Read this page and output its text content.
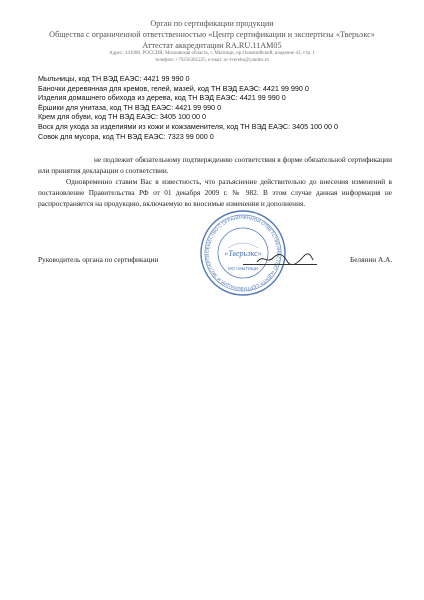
Орган по сертификации продукции
Общества с ограниченной ответственностью «Центр сертификации и экспертизы «Тверьэкс»
Аттестат аккредитации RA.RU.11AM05
Адрес: 141008, РОССИЯ, Московская область, г. Мытищи, пр.Олимпийский, владение 43, стр. 1
телефон: +79256361225, e-mail: oc-tvereks@yandex.ru
Мыльницы, код ТН ВЭД ЕАЭС: 4421 99 990 0
Баночки деревянная для кремов, гелей, мазей, код ТН ВЭД ЕАЭС: 4421 99 990 0
Изделия домашнего обихода из дерева, код ТН ВЭД ЕАЭС: 4421 99 990 0
Ёршики для унитаза, код ТН ВЭД ЕАЭС: 4421 99 990 0
Крем для обуви, код ТН ВЭД ЕАЭС: 3405 100 00 0
Воск для ухода за изделиями из кожи и кожзаменителя, код ТН ВЭД ЕАЭС: 3405 100 00 0
Совок для мусора, код ТН ВЭД ЕАЭС: 7323 99 000 0
не подлежит обязательному подтверждению соответствия в форме обязательной сертификации или принятия декларации о соответствии.
Одновременно ставим Вас в известность, что разъяснение действительно до внесения изменений в постановление Правительства РФ от 01 декабря 2009 г. № 982. В этом случае данная информация не распространяется на продукцию, включаемую во вносимые изменения и дополнения.
ОБЩЕСТВО С ОГРАНИЧЕННОЙ ОТВЕТСТВЕННОСТЬЮ «ЦЕНТР СЕРТИФИКАЦИИ И ЭКСПЕРТИ	«Тверьэкс»
МО г.МЫТИЩИ
Руководитель органа по сертификации	Белянин А.А.
